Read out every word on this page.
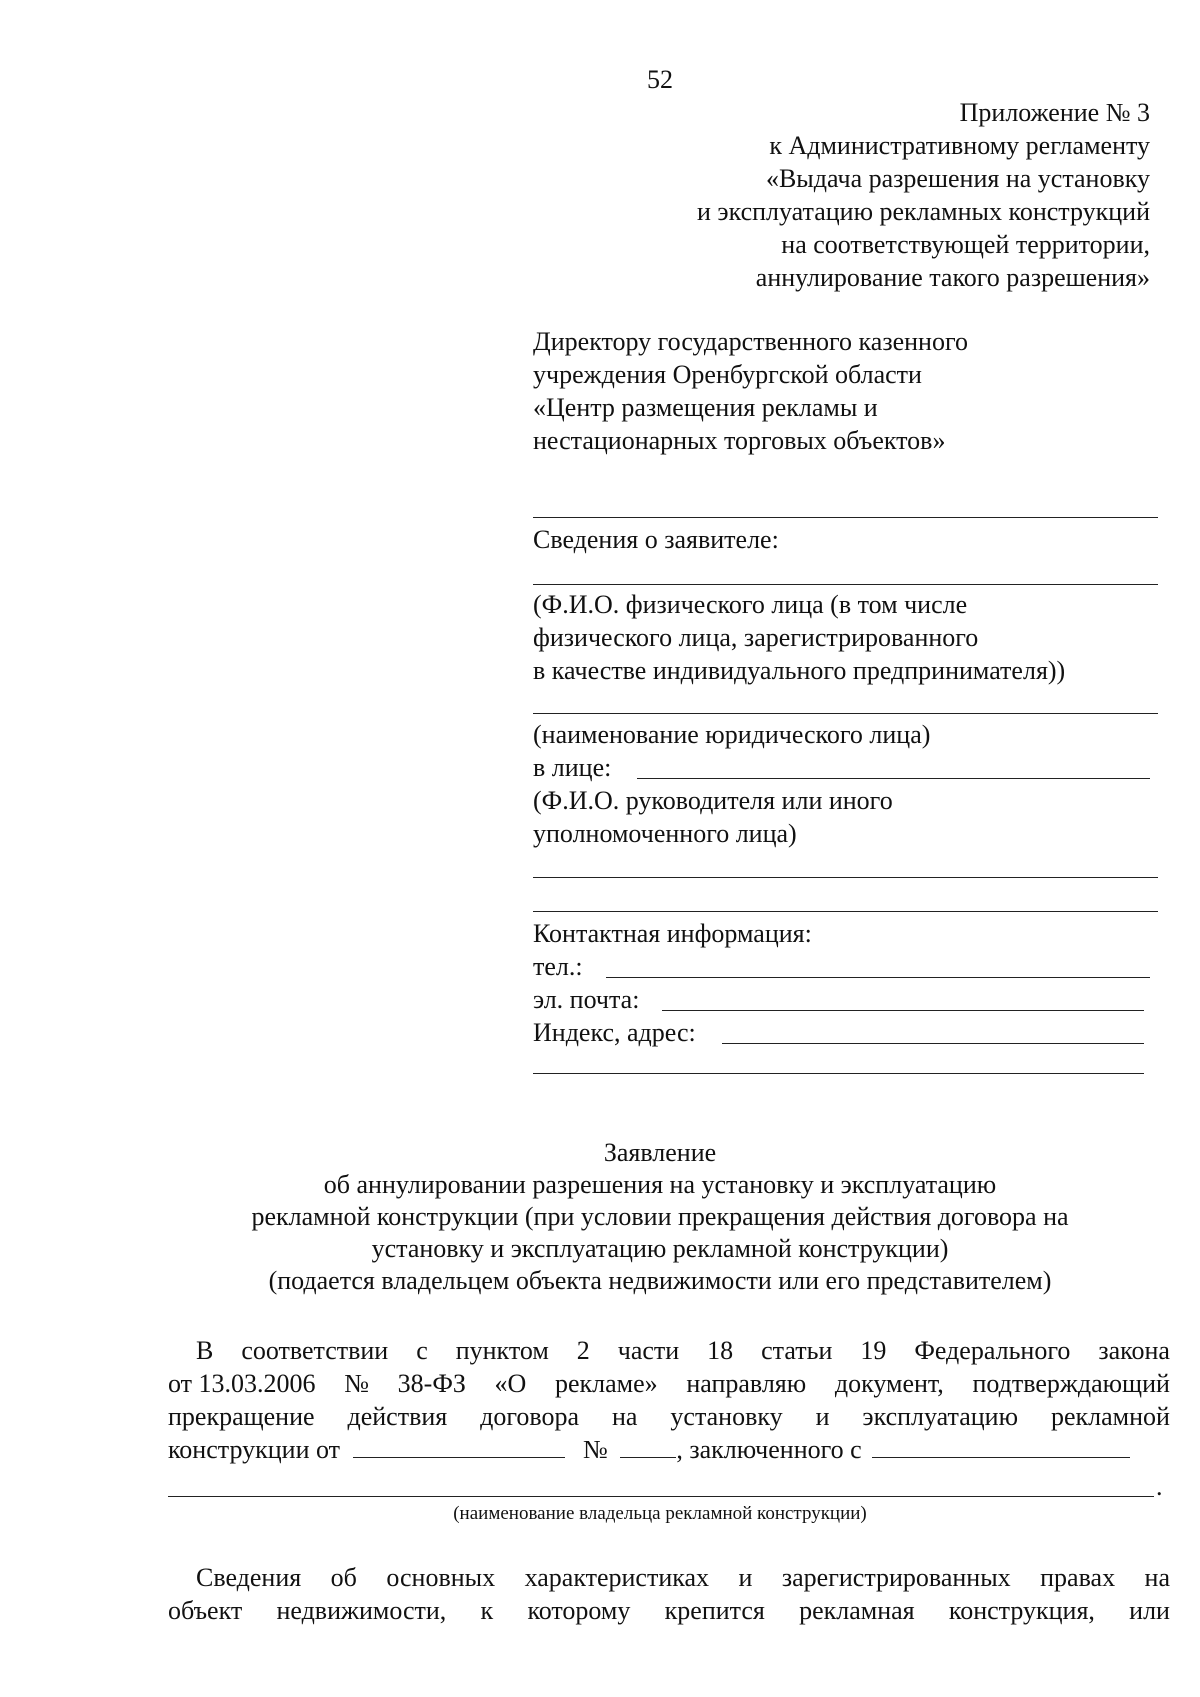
52
Приложение № 3
к Административному регламенту
«Выдача разрешения на установку
и эксплуатацию рекламных конструкций
на соответствующей территории,
аннулирование такого разрешения»
Директору государственного казенного
учреждения Оренбургской области
«Центр размещения рекламы и
нестационарных торговых объектов»
Сведения о заявителе:
(Ф.И.О. физического лица (в том числе
физического лица, зарегистрированного
в качестве индивидуального предпринимателя))
(наименование юридического лица)
в лице:
(Ф.И.О. руководителя или иного
уполномоченного лица)
Контактная информация:
тел.:
эл. почта:
Индекс, адрес:
Заявление
об аннулировании разрешения на установку и эксплуатацию
рекламной конструкции (при условии прекращения действия договора на
установку и эксплуатацию рекламной конструкции)
(подается владельцем объекта недвижимости или его представителем)
В соответствии с пунктом 2 части 18 статьи 19 Федерального закона
от 13.03.2006 № 38-ФЗ «О рекламе» направляю документ, подтверждающий
прекращение действия договора на установку и эксплуатацию рекламной
конструкции от	№	, заключенного с
.
(наименование владельца рекламной конструкции)
Сведения об основных характеристиках и зарегистрированных правах на
объект недвижимости, к которому крепится рекламная конструкция, или
